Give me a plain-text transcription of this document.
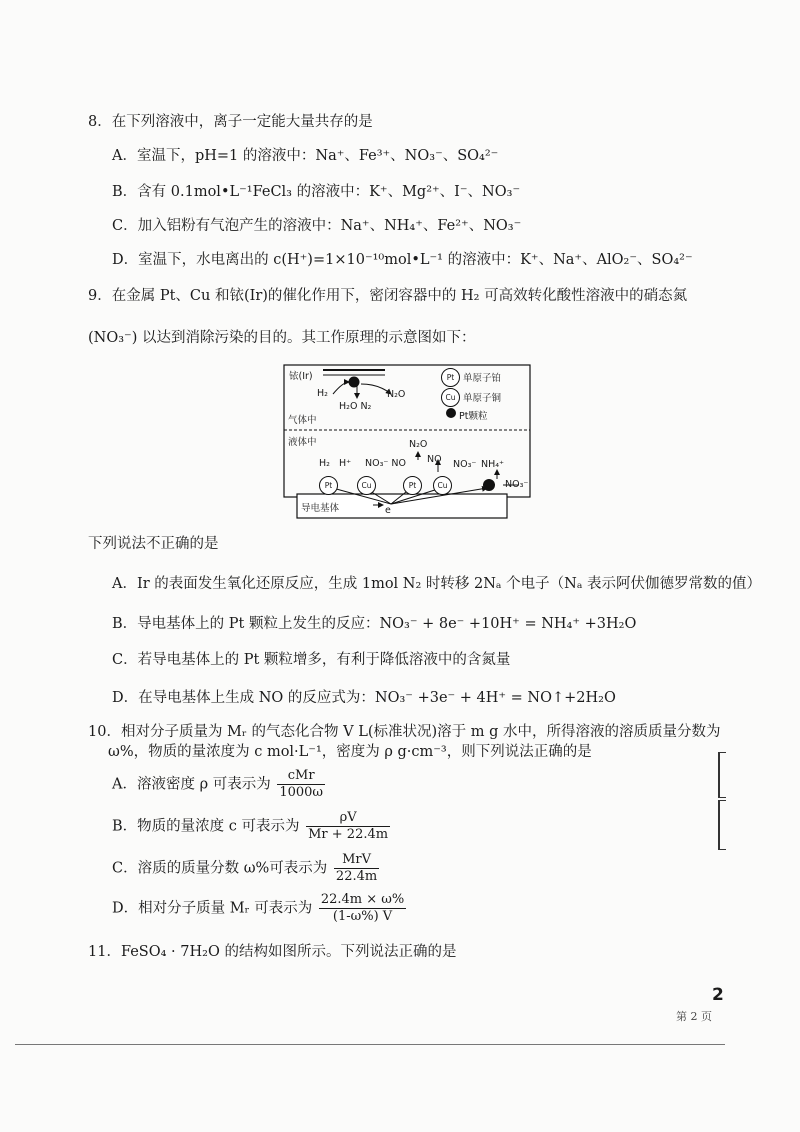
8．在下列溶液中，离子一定能大量共存的是
A．室温下，pH=1 的溶液中：Na⁺、Fe³⁺、NO₃⁻、SO₄²⁻
B．含有 0.1mol•L⁻¹FeCl₃ 的溶液中：K⁺、Mg²⁺、I⁻、NO₃⁻
C．加入铝粉有气泡产生的溶液中：Na⁺、NH₄⁺、Fe²⁺、NO₃⁻
D．室温下，水电离出的 c(H⁺)=1×10⁻¹⁰mol•L⁻¹ 的溶液中：K⁺、Na⁺、AlO₂⁻、SO₄²⁻
9．在金属 Pt、Cu 和铱(Ir)的催化作用下，密闭容器中的 H₂ 可高效转化酸性溶液中的硝态氮
(NO₃⁻) 以达到消除污染的目的。其工作原理的示意图如下：
铱(Ir)
H₂
H₂O N₂
N₂O
Pt 单原子铂
Cu 单原子铜
Pt颗粒
气体中
液体中	N₂O
H₂ H⁺ NO₃⁻ NO NO NO₃⁻ NH₄⁺
NO₃⁻
Pt	Cu	Pt	Cu
导电基体	e
下列说法不正确的是
A．Ir 的表面发生氧化还原反应，生成 1mol N₂ 时转移 2Nₐ 个电子（Nₐ 表示阿伏伽德罗常数的值）
B．导电基体上的 Pt 颗粒上发生的反应：NO₃⁻ + 8e⁻ +10H⁺ = NH₄⁺ +3H₂O
C．若导电基体上的 Pt 颗粒增多，有利于降低溶液中的含氮量
D．在导电基体上生成 NO 的反应式为：NO₃⁻ +3e⁻ + 4H⁺ = NO↑+2H₂O
10．相对分子质量为 Mᵣ 的气态化合物 V L(标准状况)溶于 m g 水中，所得溶液的溶质质量分数为
ω%，物质的量浓度为 c mol·L⁻¹，密度为 ρ g·cm⁻³，则下列说法正确的是
A．溶液密度 ρ 可表示为 $\frac{\text{cMr}}{1000\omega}$
B．物质的量浓度 c 可表示为 $\frac{\rho V}{Mr + 22.4m}$
C．溶质的质量分数 ω%可表示为 $\frac{\text{MrV}}{22.4m}$
D．相对分子质量 Mᵣ 可表示为 $\frac{22.4m \times \omega\%}{(1-\omega\%) V}$
11．FeSO₄ · 7H₂O 的结构如图所示。下列说法正确的是
2
第 2 页
